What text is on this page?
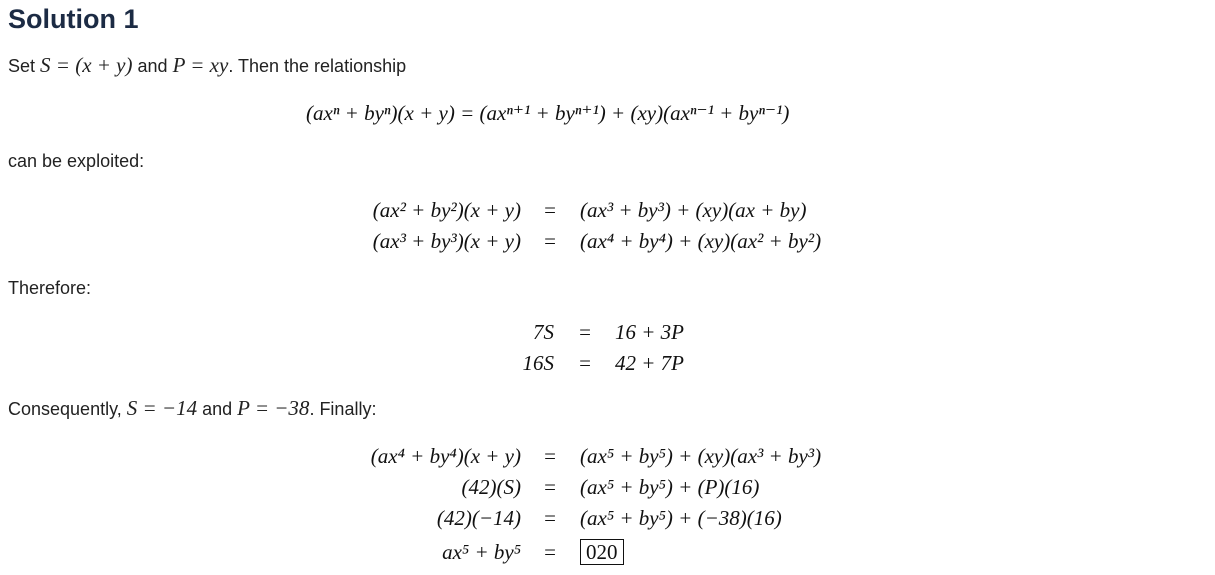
Solution 1

Set S = (x + y) and P = xy. Then the relationship

(axⁿ + byⁿ)(x + y) = (axⁿ⁺¹ + byⁿ⁺¹) + (xy)(axⁿ⁻¹ + byⁿ⁻¹)

can be exploited:

(ax² + by²)(x + y)	=	(ax³ + by³) + (xy)(ax + by)
(ax³ + by³)(x + y)	=	(ax⁴ + by⁴) + (xy)(ax² + by²)

Therefore:

7S	=	16 + 3P
16S	=	42 + 7P

Consequently, S = −14 and P = −38. Finally:

(ax⁴ + by⁴)(x + y)	=	(ax⁵ + by⁵) + (xy)(ax³ + by³)
(42)(S)	=	(ax⁵ + by⁵) + (P)(16)
(42)(−14)	=	(ax⁵ + by⁵) + (−38)(16)
ax⁵ + by⁵	=	020
